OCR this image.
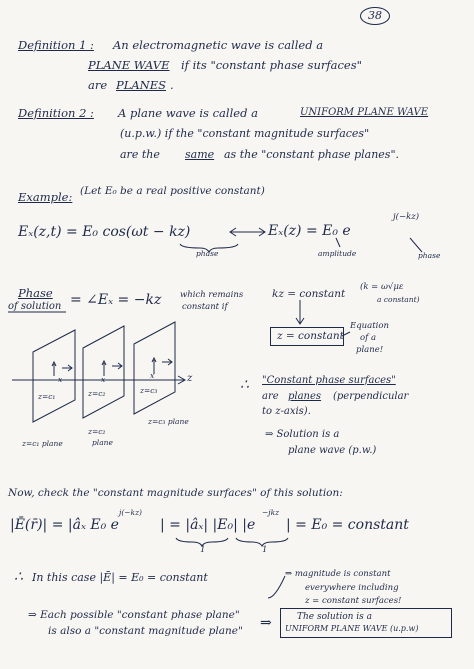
38
Definition 1 : An electromagnetic wave is called a
PLANE WAVE if its "constant phase surfaces"
are PLANES .
Definition 2 : A plane wave is called a	UNIFORM PLANE WAVE
(u.p.w.) if the "constant magnitude surfaces"
are the same as the "constant phase planes".
Example: (Let E₀ be a real positive constant)
Eₓ(z,t) = E₀ cos(ωt − kz)	Eₓ(z) = E₀ e
j(−kz)
phase	amplitude	phase
Phase
of solution = ∠Eₓ = −kz which remains
constant if
kz = constant
(k = ω√με
a constant)
z = constant
Equation
of a
plane!
z
x	x	x
z=c₁	z=c₂	z=c₃
z=c₁ plane
z=c₂
plane
z=c₃ plane
∴ "Constant phase surfaces"
are planes (perpendicular
to z-axis).
⇒ Solution is a
plane wave (p.w.)
Now, check the "constant magnitude surfaces" of this solution:
|Ē(r̄)| = |âₓ E₀ e
j(−kz)
| = |âₓ| |E₀| |e
−jkz
| = E₀ = constant
1	1
∴ In this case |Ē| = E₀ = constant	⇒ magnitude is constant
everywhere including
z = constant surfaces!
⇒ Each possible "constant phase plane"
is also a "constant magnitude plane" ⇒	The solution is a
UNIFORM PLANE WAVE (u.p.w)
